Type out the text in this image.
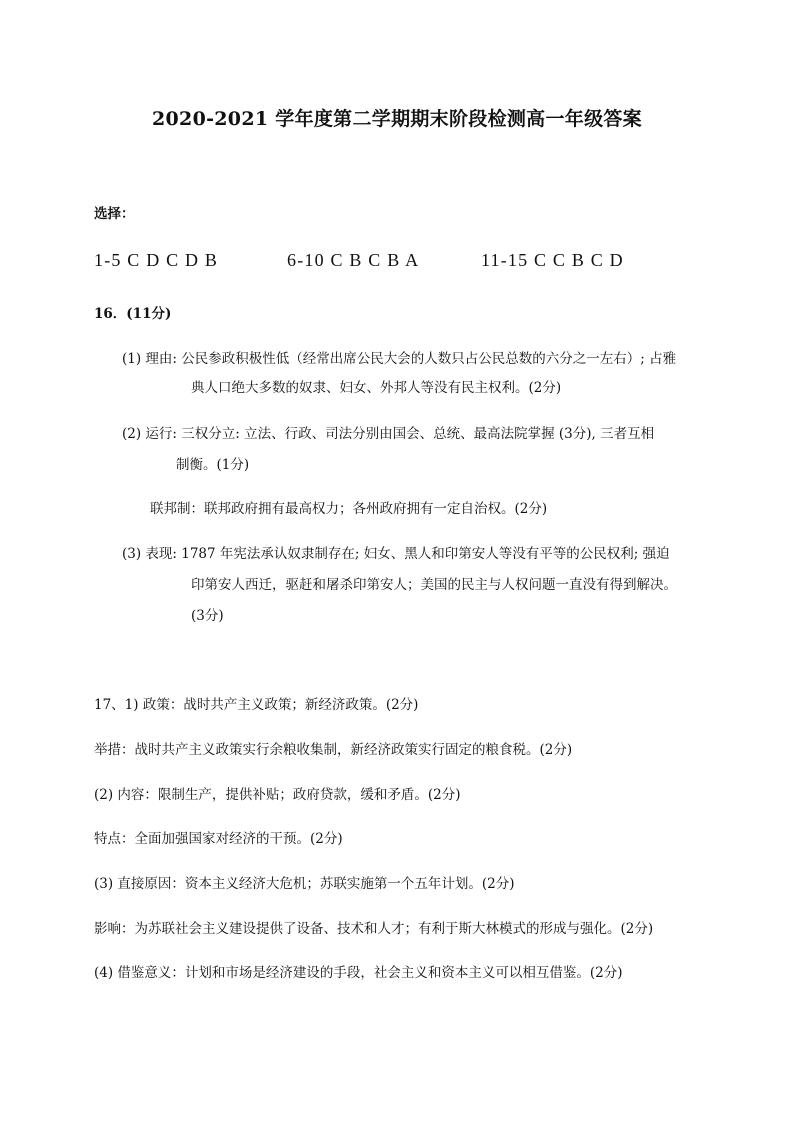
2020-2021 学年度第二学期期末阶段检测高一年级答案
选择：
1-5 C D C D B	6-10 C B C B A	11-15 C C B C D
16．(11分)
(1) 理由: 公民参政积极性低（经常出席公民大会的人数只占公民总数的六分之一左右）; 占雅
典人口绝大多数的奴隶、妇女、外邦人等没有民主权利。(2分)
(2) 运行: 三权分立: 立法、行政、司法分别由国会、总统、最高法院掌握 (3分), 三者互相
制衡。(1分)
联邦制：联邦政府拥有最高权力；各州政府拥有一定自治权。(2分)
(3) 表现: 1787 年宪法承认奴隶制存在; 妇女、黑人和印第安人等没有平等的公民权利; 强迫
印第安人西迁，驱赶和屠杀印第安人；美国的民主与人权问题一直没有得到解决。
(3分)
17、1) 政策：战时共产主义政策；新经济政策。(2分)
举措：战时共产主义政策实行余粮收集制，新经济政策实行固定的粮食税。(2分)
(2) 内容：限制生产，提供补贴；政府贷款，缓和矛盾。(2分)
特点：全面加强国家对经济的干预。(2分)
(3) 直接原因：资本主义经济大危机；苏联实施第一个五年计划。(2分)
影响：为苏联社会主义建设提供了设备、技术和人才；有利于斯大林模式的形成与强化。(2分)
(4) 借鉴意义：计划和市场是经济建设的手段，社会主义和资本主义可以相互借鉴。(2分)
